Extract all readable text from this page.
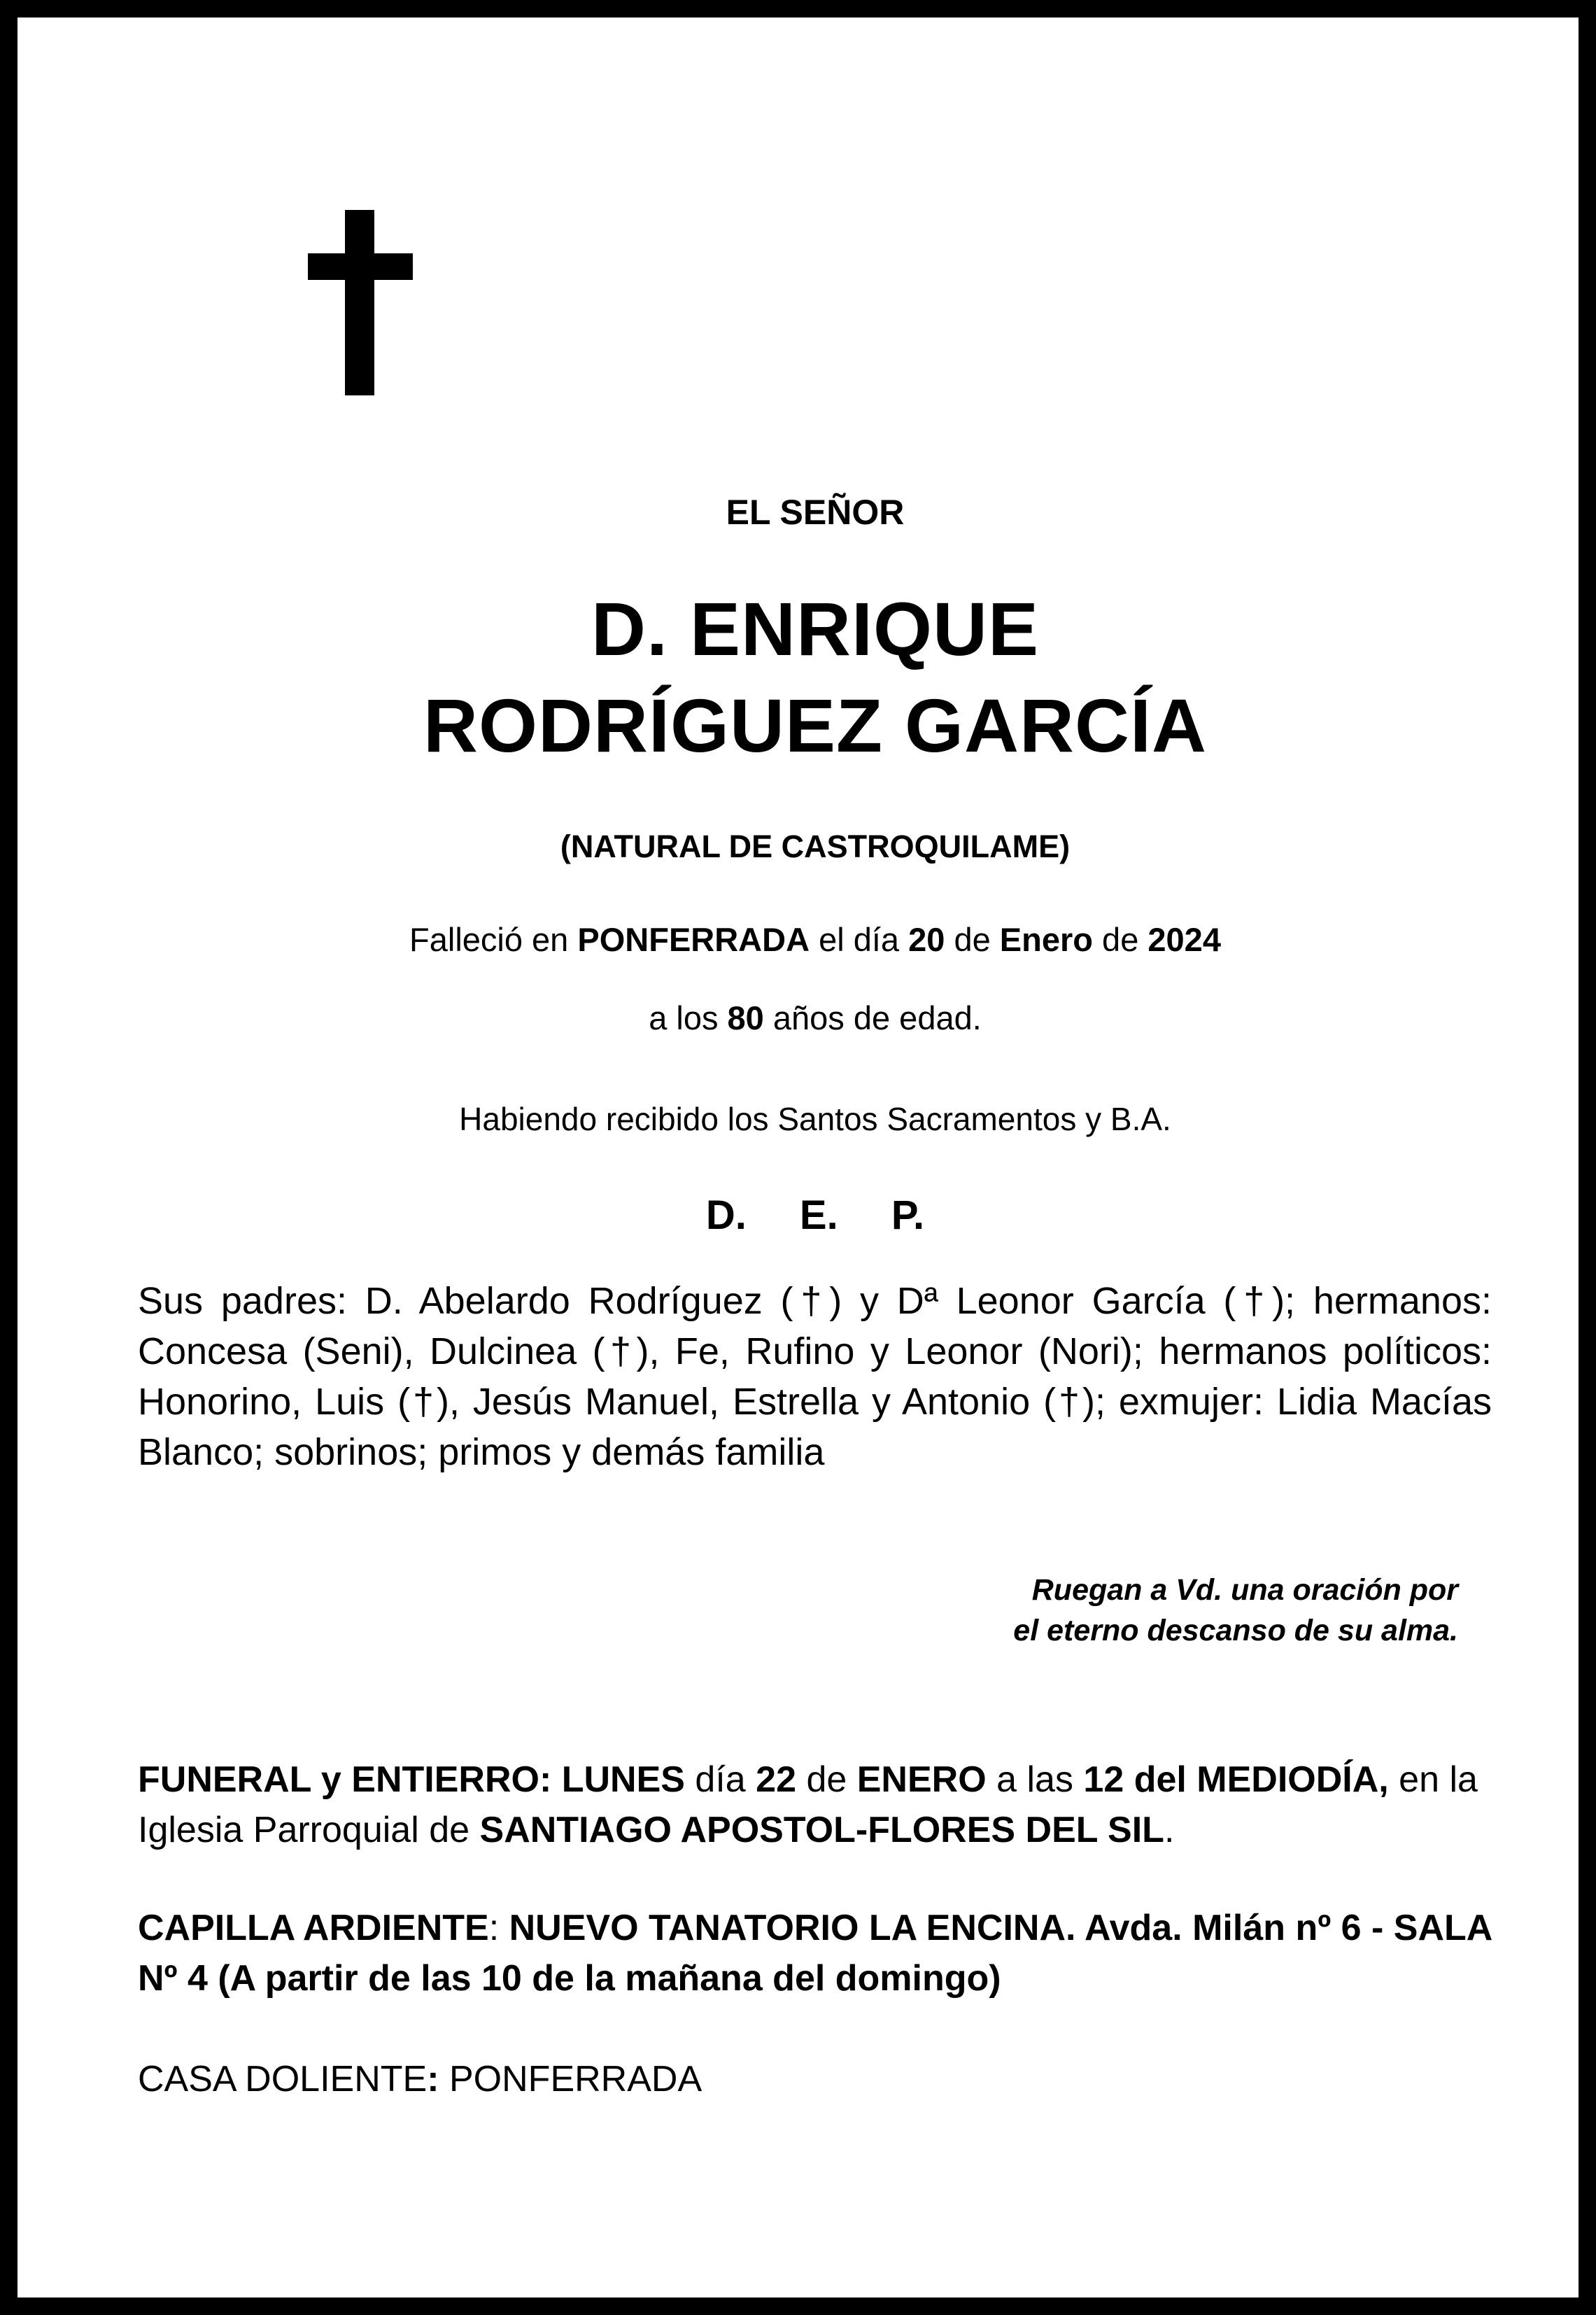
EL SEÑOR
D. ENRIQUE
RODRÍGUEZ GARCÍA
(NATURAL DE CASTROQUILAME)
Falleció en PONFERRADA el día 20 de Enero de 2024
a los 80 años de edad.
Habiendo recibido los Santos Sacramentos y B.A.
D. E. P.
Sus padres: D. Abelardo Rodríguez (†) y Dª Leonor García (†); hermanos: Concesa (Seni), Dulcinea (†), Fe, Rufino y Leonor (Nori); hermanos políticos: Honorino, Luis (†), Jesús Manuel, Estrella y Antonio (†); exmujer: Lidia Macías Blanco; sobrinos; primos y demás familia
Ruegan a Vd. una oración por
el eterno descanso de su alma.
FUNERAL y ENTIERRO: LUNES día 22 de ENERO a las 12 del MEDIODÍA, en la Iglesia Parroquial de SANTIAGO APOSTOL-FLORES DEL SIL.
CAPILLA ARDIENTE: NUEVO TANATORIO LA ENCINA. Avda. Milán nº 6 - SALA Nº 4 (A partir de las 10 de la mañana del domingo)
CASA DOLIENTE: PONFERRADA
